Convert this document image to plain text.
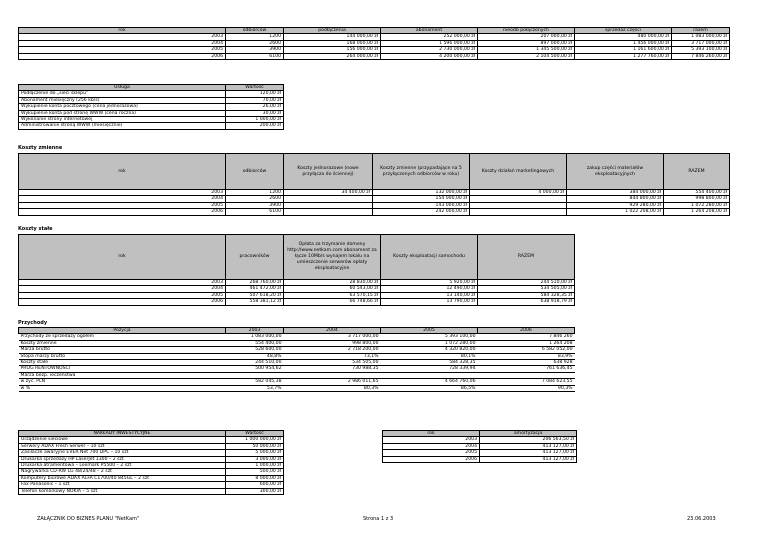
rok	odbiorców	podłączenia	abonament	nieodb połączonych	sprzedaż części	razem
2003	1200	144 000,00 zł	252 000,00 zł	207 000,00 zł	480 000,00 zł	1 083 000,00 zł
2004	2600	168 000,00 zł	1 596 000,00 zł	897 000,00 zł	1 456 000,00 zł	3 717 000,00 zł
2005	3900	156 000,00 zł	2 730 000,00 zł	1 345 500,00 zł	1 161 600,00 zł	5 393 100,00 zł
2006	6100	264 000,00 zł	4 200 000,00 zł	2 104 500,00 zł	1 277 760,00 zł	7 846 260,00 zł
Usługa	Wartość
Podłączenie do „sieci sklepu”	120,00 zł
Abonament miesięczny (256 kb/s)	70,00 zł
Wykupienie konta pocztowego (cena jednorazowa)	26,00 zł
Wykupienie konta pod stronę WWW (cena roczna)	30,00 zł
Wykonanie strony internetowej	1 000,00 zł
Administrowanie stroną WWW (miesięcznie)	200,00 zł
Koszty zmienne
rok	odbiorców	Koszty jednorazowe (nowe przyłącza do ściennej)	Koszty zmienne (przypadające na 5 przyłączonych odbiorców w roku)	Koszty działań marketingowych	zakup części materiałów eksploatacyjnych	RAZEM
2003	1200	34 400,00 zł	132 000,00 zł	4 000,00 zł	384 000,00 zł	554 400,00 zł
2004	2600		154 000,00 zł		844 800,00 zł	998 800,00 zł
2005	3900		143 000,00 zł		929 280,00 zł	1 072 280,00 zł
2006	6100		242 000,00 zł		1 022 208,00 zł	1 264 208,00 zł
Koszty stałe
rok	pracowników	Opłata za trzymanie domeny http://www.netkam.com abonament za łącze 10Mb/s wynajem lokalu na umieszczenie serwerów opłaty eksploatacyjne	Koszty eksploatacji samochodu	RAZEM
2003	268 760,00 zł	28 830,00 zł	5 920,00 zł	244 510,00 zł
2004	461 472,00 zł	60 543,00 zł	12 490,00 zł	534 505,00 zł
2005	507 618,20 zł	63 570,15 zł	13 140,00 zł	584 328,35 zł
2006	558 381,12 zł	66 748,66 zł	13 790,00 zł	638 918,79 zł
Przychody
Pozycja	2003	2004	2005	2006
Przychody ze sprzedaży ogółem	1 083 000,00	3 717 000,00	5 393 100,00	7 846 260
Koszty zmienne	554 400,00	998 800,00	1 072 280,00	1 264 208
Marża brutto	528 600,00	2 718 200,00	4 320 820,00	6 582 052,00
Stopa marży brutto	48,8%	73,1%	80,1%	83,9%
Koszty stałe	244 510,00	534 505,00	584 328,35	638 928
PROG RENTOWNOŚCI	500 954,62	730 988,35	728 339,94	761 636,45
Marża bezp. ieczeństwa				
w zyc. PLN	582 045,38	2 986 011,65	4 664 760,06	7 084 623,55
w %	53,7%	80,3%	86,5%	90,3%
NAKŁADY INWESTYCYJNE	Wartość
Urządzenie sieciowe	1 000 000,00 zł
Serwery ADAX Fresh Serwer – 10 szt	50 000,00 zł
Zasilacze awaryjne EVER Net 700 DPC – 10 szt	5 000,00 zł
Drukarka sprzedaży HP LaserJet 1300 – 2 szt	3 000,00 zł
Drukarka atramentowa – Lexmark P5500 – 2 szt	1 000,00 zł
Nagrywarka CD-RW LG 48/24/48 – 2 szt	500,00 zł
Komputery biurowe ADAX ALFA C1700/40 845GL – 2 szt	8 000,00 zł
Fax Panasonic – 1 szt	600,00 zł
Telefon komórkowy NOKIA – 5 szt	300,00 zł
rok	amortyzacja
2003	206 563,50 zł
2004	413 127,00 zł
2005	413 127,00 zł
2006	413 127,00 zł
ZAŁĄCZNIK DO BIZNES PLANU "NetKam"	Strona 1 z 3	23.06.2003
